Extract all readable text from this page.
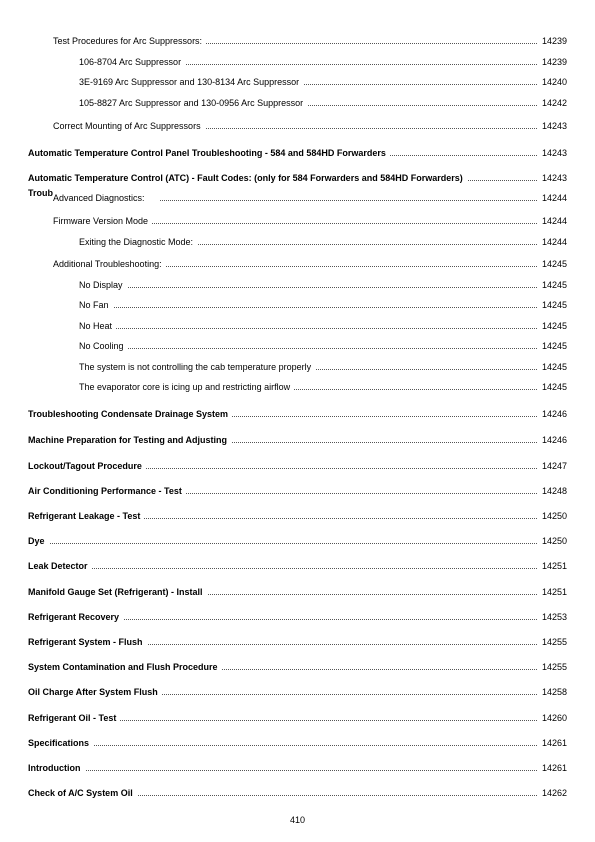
Test Procedures for Arc Suppressors:	14239
106-8704 Arc Suppressor	14239
3E-9169 Arc Suppressor and 130-8134 Arc Suppressor	14240
105-8827 Arc Suppressor and 130-0956 Arc Suppressor	14242
Correct Mounting of Arc Suppressors	14243
Automatic Temperature Control Panel Troubleshooting - 584 and 584HD Forwarders	14243
Automatic Temperature Control (ATC) - Fault Codes: (only for 584 Forwarders and 584HD Forwarders)	14243
Troub Advanced Diagnostics:	14244
Firmware Version Mode	14244
Exiting the Diagnostic Mode:	14244
Additional Troubleshooting:	14245
No Display	14245
No Fan	14245
No Heat	14245
No Cooling	14245
The system is not controlling the cab temperature properly	14245
The evaporator core is icing up and restricting airflow	14245
Troubleshooting Condensate Drainage System	14246
Machine Preparation for Testing and Adjusting	14246
Lockout/Tagout Procedure	14247
Air Conditioning Performance - Test	14248
Refrigerant Leakage - Test	14250
Dye	14250
Leak Detector	14251
Manifold Gauge Set (Refrigerant) - Install	14251
Refrigerant Recovery	14253
Refrigerant System - Flush	14255
System Contamination and Flush Procedure	14255
Oil Charge After System Flush	14258
Refrigerant Oil - Test	14260
Specifications	14261
Introduction	14261
Check of A/C System Oil	14262
410
